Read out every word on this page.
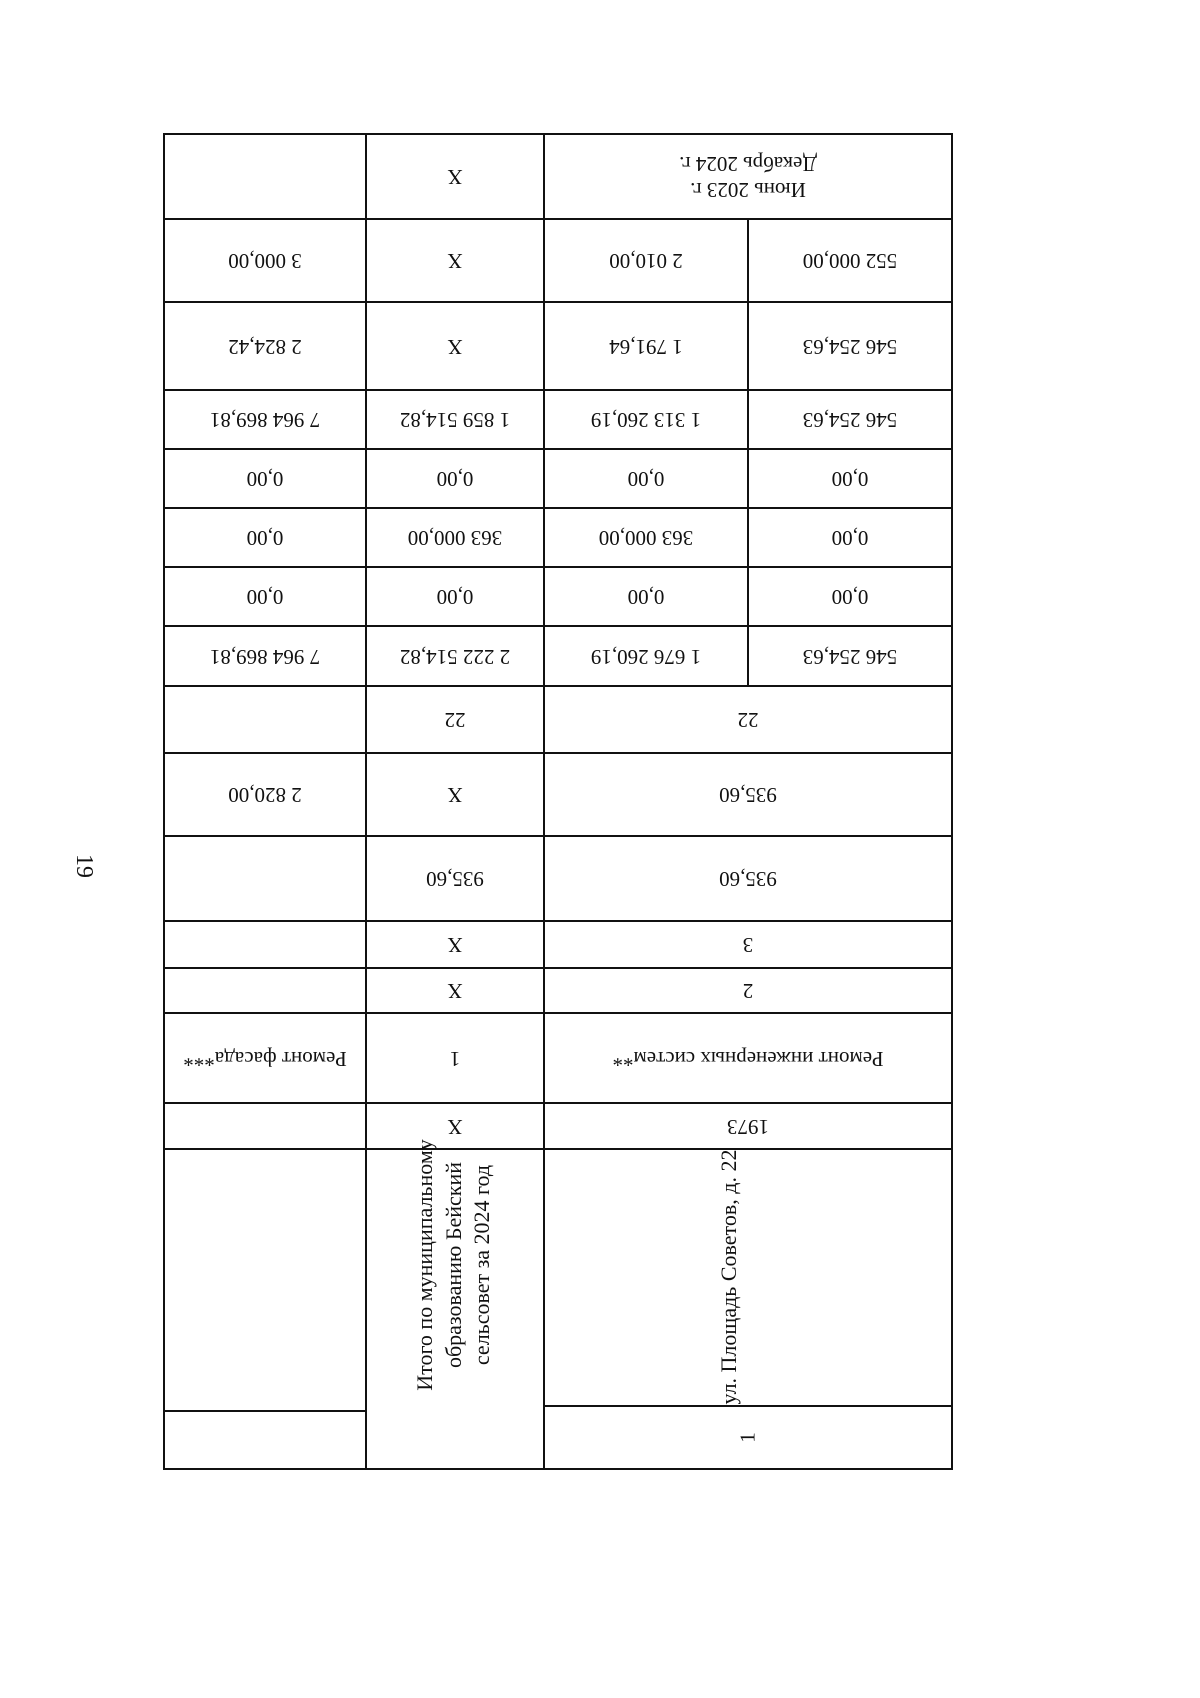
19
Июнь 2023 г.
Декабрь 2024 г.
X
552 000,00
2 010,00
X
3 000,00
546 254,63
1 791,64
X
2 824,42
546 254,63
1 313 260,19
1 859 514,82
7 964 869,81
0,00
0,00
0,00
0,00
0,00
363 000,00
363 000,00
0,00
0,00
0,00
0,00
0,00
546 254,63
1 676 260,19
2 222 514,82
7 964 869,81
22
22
935,60
X
2 820,00
935,60
935,60
3
X
2
X
Ремонт инженерных систем**
1
Ремонт фасада***
1973
X
ул. Площадь Советов, д. 22
1
Итого по муниципальному образованию Бейский сельсовет за 2024 год
